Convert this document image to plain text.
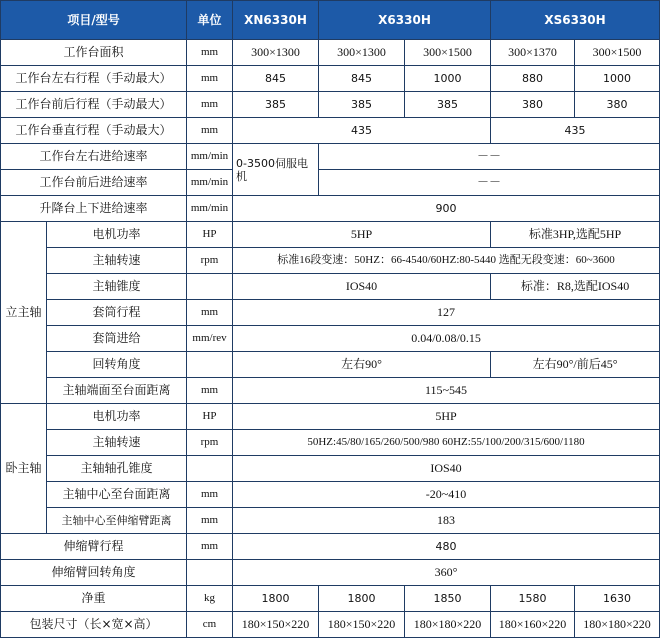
项目/型号		单位	XN6330H	X6330H		XS6330H	
工作台面积		mm	300×1300	300×1300	300×1500	300×1370	300×1500
工作台左右行程（手动最大）		mm	845	845	1000	880	1000
工作台前后行程（手动最大）		mm	385	385	385	380	380
工作台垂直行程（手动最大）		mm	435			435	
工作台左右进给速率		mm/min	0-3500伺服电机	－－			
工作台前后进给速率		mm/min		－－			
升降台上下进给速率		mm/min	900				
立主轴	电机功率	HP	5HP			标准3HP,选配5HP	
	主轴转速	rpm	标准16段变速：50HZ：66-4540/60HZ:80-5440 选配无段变速：60~3600				
	主轴锥度		IOS40			标准：R8,选配IOS40	
	套筒行程	mm	127				
	套筒进给	mm/rev	0.04/0.08/0.15				
	回转角度		左右90°			左右90°/前后45°	
	主轴端面至台面距离	mm	115~545				
卧主轴	电机功率	HP	5HP				
	主轴转速	rpm	50HZ:45/80/165/260/500/980 60HZ:55/100/200/315/600/1180				
	主轴轴孔锥度		IOS40				
	主轴中心至台面距离	mm	-20~410				
	主轴中心至伸缩臂距离	mm	183				
伸缩臂行程		mm	480				
伸缩臂回转角度			360°				
净重		kg	1800	1800	1850	1580	1630
包装尺寸（长×宽×高）		cm	180×150×220	180×150×220	180×180×220	180×160×220	180×180×220
